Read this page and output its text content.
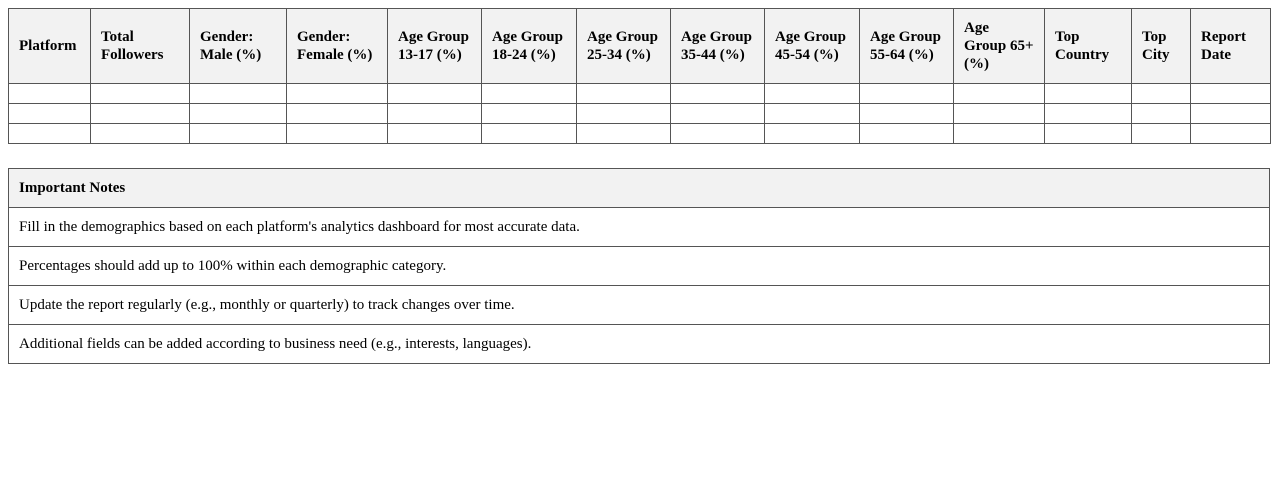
Platform	Total Followers	Gender: Male (%)	Gender: Female (%)	Age Group 13-17 (%)	Age Group 18-24 (%)	Age Group 25-34 (%)	Age Group 35-44 (%)	Age Group 45-54 (%)	Age Group 55-64 (%)	Age Group 65+ (%)	Top Country	Top City	Report Date

Important Notes
Fill in the demographics based on each platform's analytics dashboard for most accurate data.
Percentages should add up to 100% within each demographic category.
Update the report regularly (e.g., monthly or quarterly) to track changes over time.
Additional fields can be added according to business need (e.g., interests, languages).
